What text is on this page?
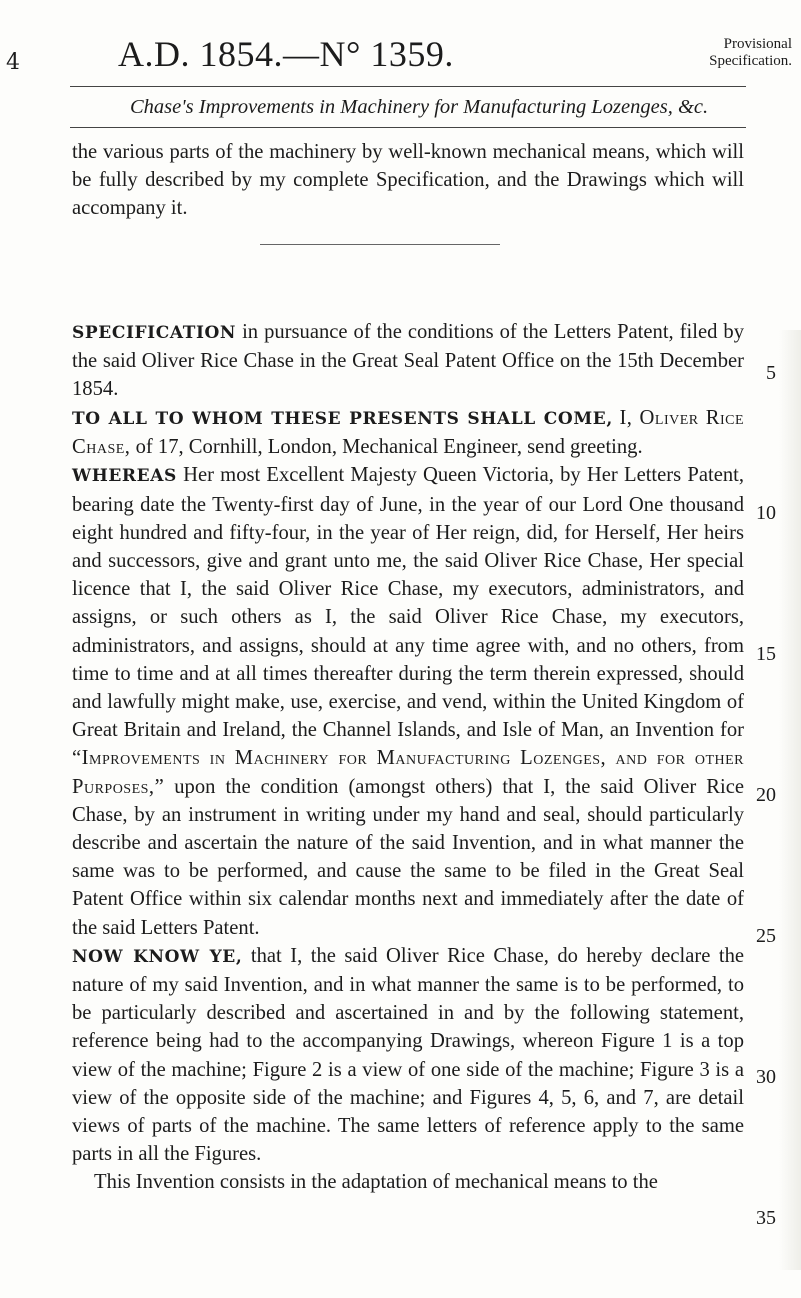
4	A.D. 1854.—N° 1359.	Provisional
Specification.
Chase's Improvements in Machinery for Manufacturing Lozenges, &c.

the various parts of the machinery by well-known mechanical means, which will be fully described by my complete Specification, and the Drawings which will accompany it.

SPECIFICATION in pursuance of the conditions of the Letters Patent, filed by the said Oliver Rice Chase in the Great Seal Patent Office on the 15th December 1854.

TO ALL TO WHOM THESE PRESENTS SHALL COME, I, Oliver Rice Chase, of 17, Cornhill, London, Mechanical Engineer, send greeting.

WHEREAS Her most Excellent Majesty Queen Victoria, by Her Letters Patent, bearing date the Twenty-first day of June, in the year of our Lord One thousand eight hundred and fifty-four, in the year of Her reign, did, for Herself, Her heirs and successors, give and grant unto me, the said Oliver Rice Chase, Her special licence that I, the said Oliver Rice Chase, my executors, administrators, and assigns, or such others as I, the said Oliver Rice Chase, my executors, administrators, and assigns, should at any time agree with, and no others, from time to time and at all times thereafter during the term therein expressed, should and lawfully might make, use, exercise, and vend, within the United Kingdom of Great Britain and Ireland, the Channel Islands, and Isle of Man, an Invention for “Improvements in Machinery for Manufacturing Lozenges, and for other Purposes,” upon the condition (amongst others) that I, the said Oliver Rice Chase, by an instrument in writing under my hand and seal, should particularly describe and ascertain the nature of the said Invention, and in what manner the same was to be performed, and cause the same to be filed in the Great Seal Patent Office within six calendar months next and immediately after the date of the said Letters Patent.

NOW KNOW YE, that I, the said Oliver Rice Chase, do hereby declare the nature of my said Invention, and in what manner the same is to be performed, to be particularly described and ascertained in and by the following statement, reference being had to the accompanying Drawings, whereon Figure 1 is a top view of the machine; Figure 2 is a view of one side of the machine; Figure 3 is a view of the opposite side of the machine; and Figures 4, 5, 6, and 7, are detail views of parts of the machine. The same letters of reference apply to the same parts in all the Figures.

This Invention consists in the adaptation of mechanical means to the

5
10
15
20
25
30
35
